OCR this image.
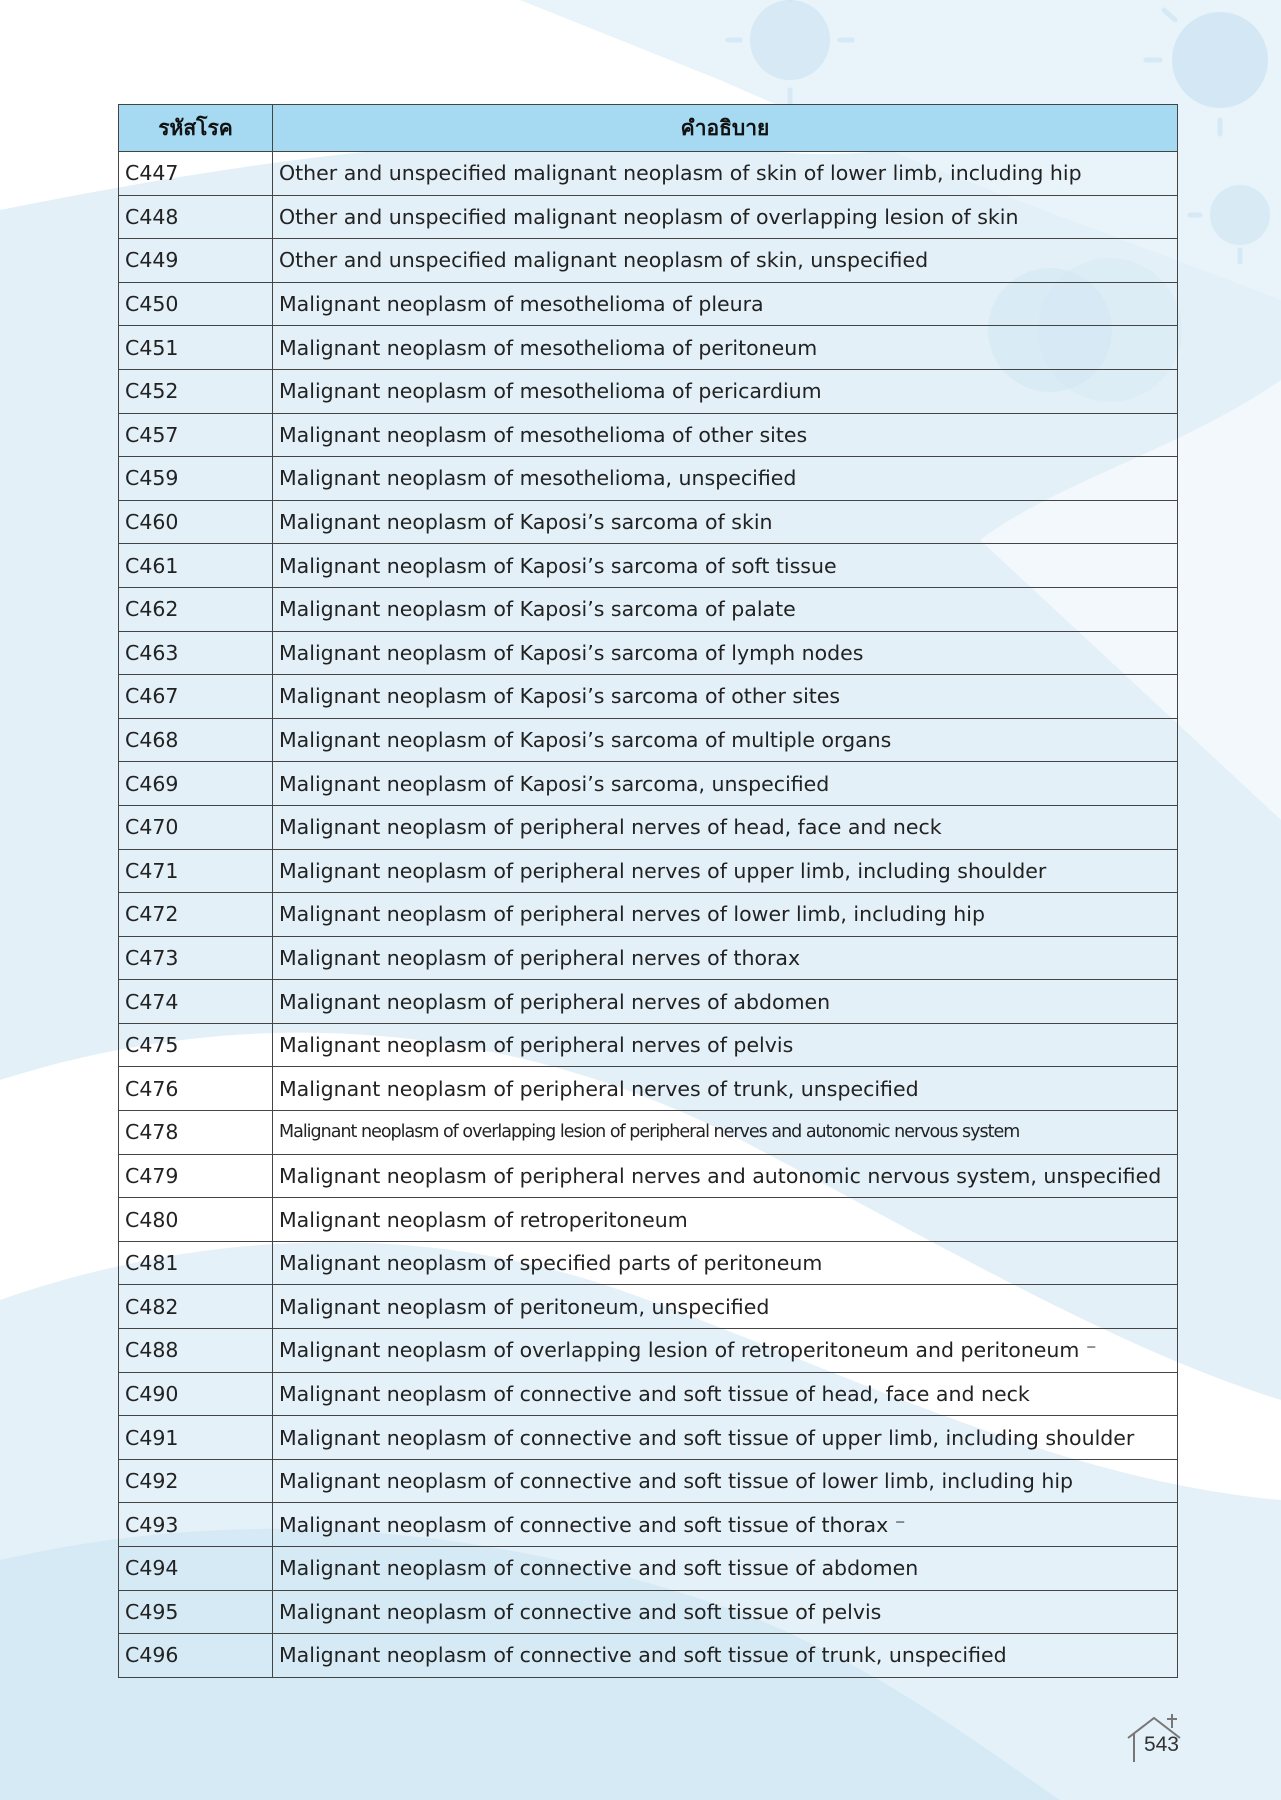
รหัสโรค	คำอธิบาย
C447	Other and unspecified malignant neoplasm of skin of lower limb, including hip
C448	Other and unspecified malignant neoplasm of overlapping lesion of skin
C449	Other and unspecified malignant neoplasm of skin, unspecified
C450	Malignant neoplasm of mesothelioma of pleura
C451	Malignant neoplasm of mesothelioma of peritoneum
C452	Malignant neoplasm of mesothelioma of pericardium
C457	Malignant neoplasm of mesothelioma of other sites
C459	Malignant neoplasm of mesothelioma, unspecified
C460	Malignant neoplasm of Kaposi’s sarcoma of skin
C461	Malignant neoplasm of Kaposi’s sarcoma of soft tissue
C462	Malignant neoplasm of Kaposi’s sarcoma of palate
C463	Malignant neoplasm of Kaposi’s sarcoma of lymph nodes
C467	Malignant neoplasm of Kaposi’s sarcoma of other sites
C468	Malignant neoplasm of Kaposi’s sarcoma of multiple organs
C469	Malignant neoplasm of Kaposi’s sarcoma, unspecified
C470	Malignant neoplasm of peripheral nerves of head, face and neck
C471	Malignant neoplasm of peripheral nerves of upper limb, including shoulder
C472	Malignant neoplasm of peripheral nerves of lower limb, including hip
C473	Malignant neoplasm of peripheral nerves of thorax
C474	Malignant neoplasm of peripheral nerves of abdomen
C475	Malignant neoplasm of peripheral nerves of pelvis
C476	Malignant neoplasm of peripheral nerves of trunk, unspecified
C478	Malignant neoplasm of overlapping lesion of peripheral nerves and autonomic nervous system
C479	Malignant neoplasm of peripheral nerves and autonomic nervous system, unspecified
C480	Malignant neoplasm of retroperitoneum
C481	Malignant neoplasm of specified parts of peritoneum
C482	Malignant neoplasm of peritoneum, unspecified
C488	Malignant neoplasm of overlapping lesion of retroperitoneum and peritoneum ⁻
C490	Malignant neoplasm of connective and soft tissue of head, face and neck
C491	Malignant neoplasm of connective and soft tissue of upper limb, including shoulder
C492	Malignant neoplasm of connective and soft tissue of lower limb, including hip
C493	Malignant neoplasm of connective and soft tissue of thorax ⁻
C494	Malignant neoplasm of connective and soft tissue of abdomen
C495	Malignant neoplasm of connective and soft tissue of pelvis
C496	Malignant neoplasm of connective and soft tissue of trunk, unspecified
543
